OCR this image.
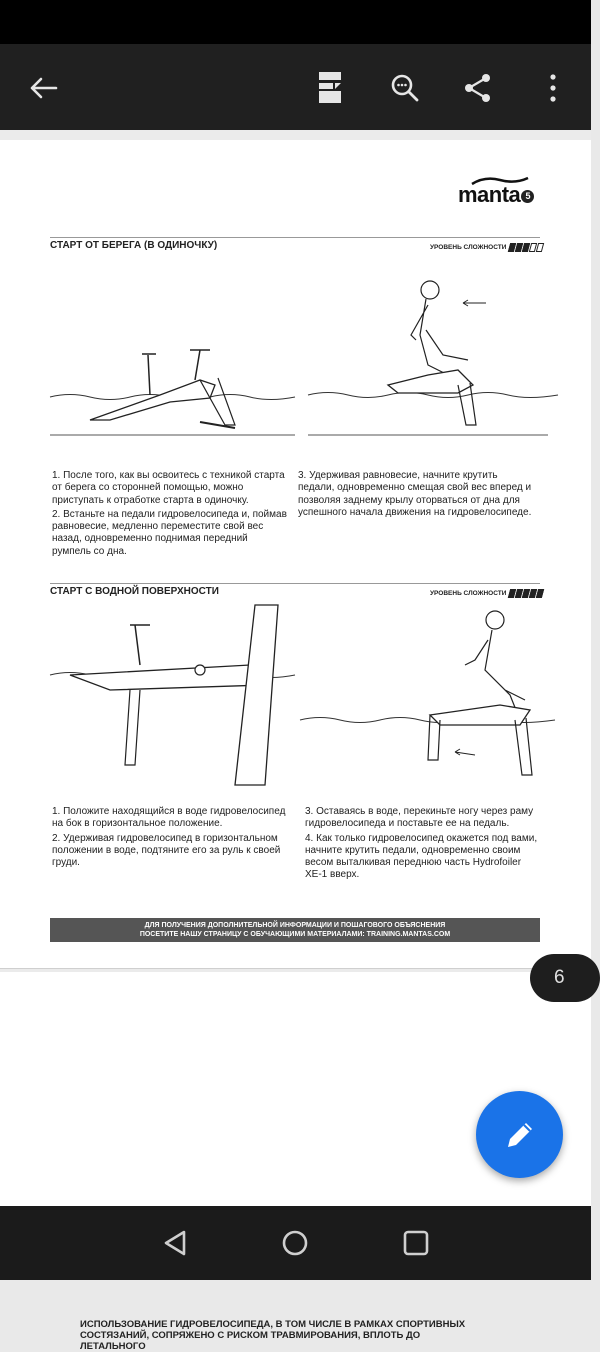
manta 5
СТАРТ ОТ БЕРЕГА (В ОДИНОЧКУ)	УРОВЕНЬ СЛОЖНОСТИ

1. После того, как вы освоитесь с техникой старта от берега со сторонней помощью, можно приступать к отработке старта в одиночку.

2. Встаньте на педали гидровелосипеда и, поймав равновесие, медленно переместите свой вес назад, одновременно поднимая передний румпель со дна.

3. Удерживая равновесие, начните крутить педали, одновременно смещая свой вес вперед и позволяя заднему крылу оторваться от дна для успешного начала движения на гидровелосипеде.

СТАРТ С ВОДНОЙ ПОВЕРХНОСТИ	УРОВЕНЬ СЛОЖНОСТИ

1. Положите находящийся в воде гидровелосипед на бок в горизонтальное положение.

2. Удерживая гидровелосипед в горизонтальном положении в воде, подтяните его за руль к своей груди.

3. Оставаясь в воде, перекиньте ногу через раму гидровелосипеда и поставьте ее на педаль.

4. Как только гидровелосипед окажется под вами, начните крутить педали, одновременно своим весом выталкивая переднюю часть Hydrofoiler XE-1 вверх.

ДЛЯ ПОЛУЧЕНИЯ ДОПОЛНИТЕЛЬНОЙ ИНФОРМАЦИИ И ПОШАГОВОГО ОБЪЯСНЕНИЯ
ПОСЕТИТЕ НАШУ СТРАНИЦУ С ОБУЧАЮЩИМИ МАТЕРИАЛАМИ: TRAINING.MANTAS.COM
ИСПОЛЬЗОВАНИЕ ГИДРОВЕЛОСИПЕДА, В ТОМ ЧИСЛЕ В РАМКАХ СПОРТИВНЫХ СОСТЯЗАНИЙ, СОПРЯЖЕНО С РИСКОМ ТРАВМИРОВАНИЯ, ВПЛОТЬ ДО ЛЕТАЛЬНОГО
6
